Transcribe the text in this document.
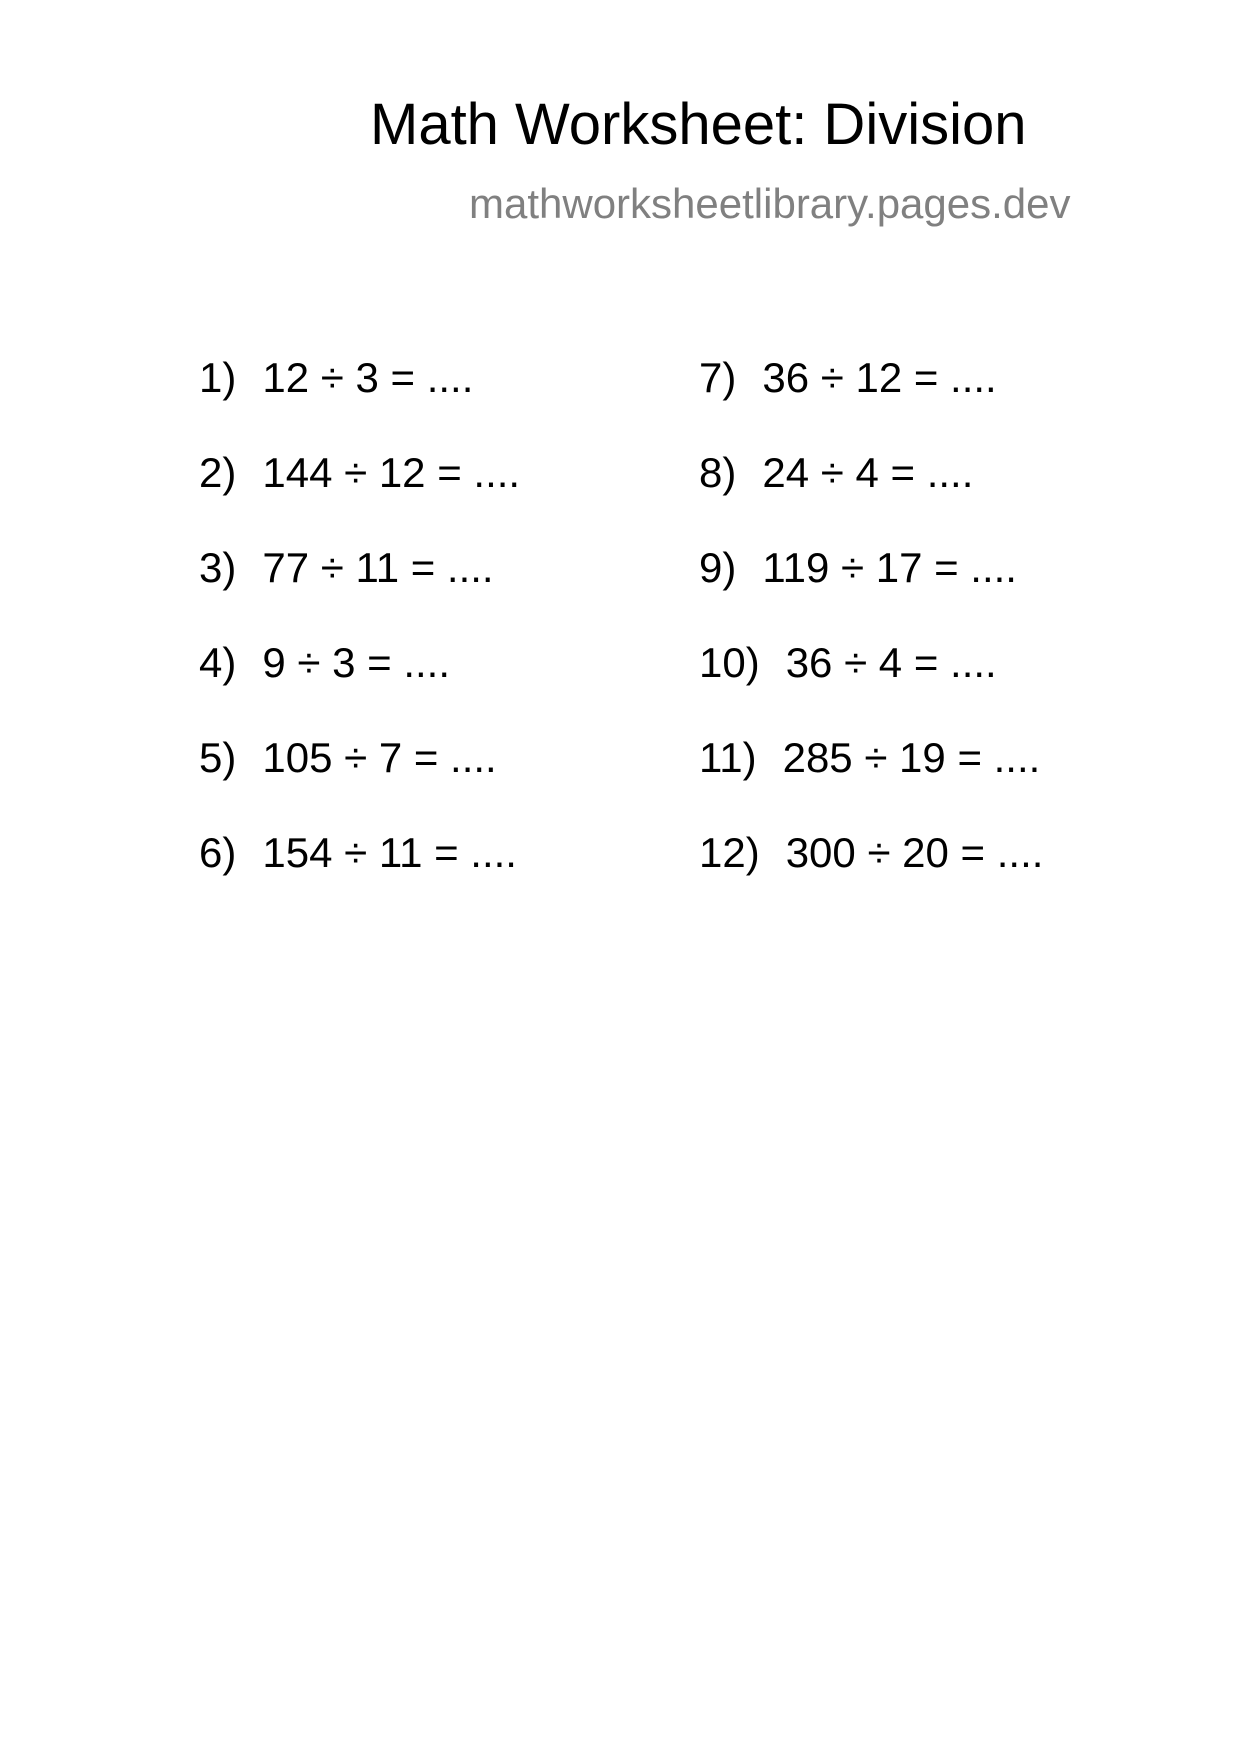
Math Worksheet: Division
mathworksheetlibrary.pages.dev
1) 12 ÷ 3 = ....
2) 144 ÷ 12 = ....
3) 77 ÷ 11 = ....
4) 9 ÷ 3 = ....
5) 105 ÷ 7 = ....
6) 154 ÷ 11 = ....
7) 36 ÷ 12 = ....
8) 24 ÷ 4 = ....
9) 119 ÷ 17 = ....
10) 36 ÷ 4 = ....
11) 285 ÷ 19 = ....
12) 300 ÷ 20 = ....
